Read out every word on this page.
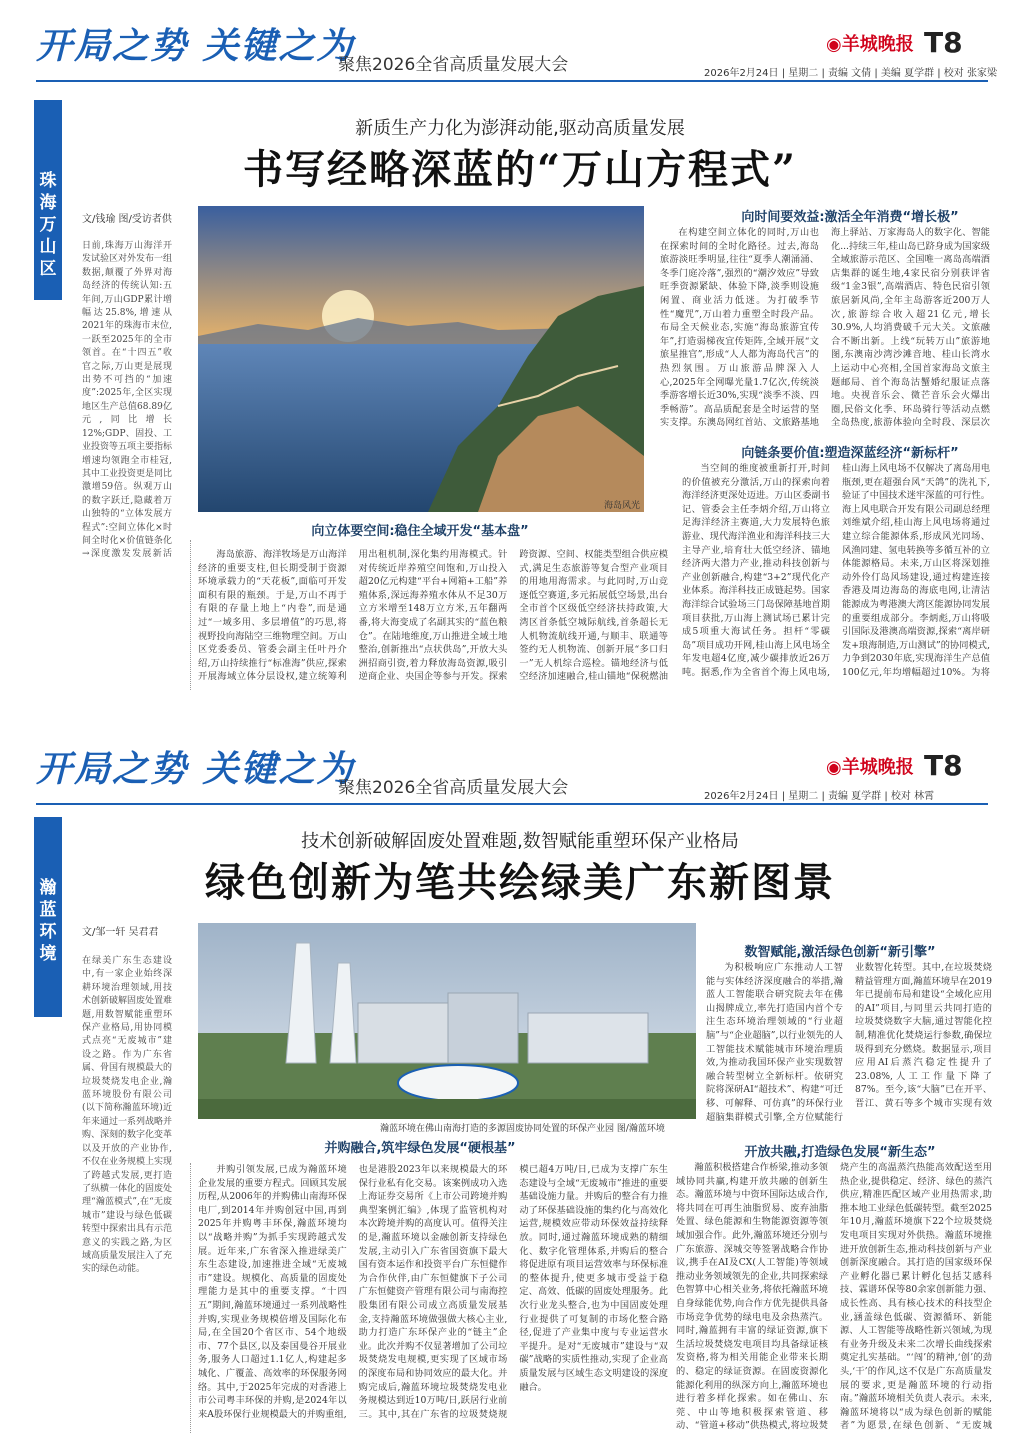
开局之势 关键之为
聚焦2026全省高质量发展大会
◉羊城晚报 T8
2026年2月24日 | 星期二 | 责编 文倩 | 美编 夏学群 | 校对 张家梁
珠海万山区
新质生产力化为澎湃动能,驱动高质量发展
书写经略深蓝的“万山方程式”
文/钱瑜 图/受访者供
日前,珠海万山海洋开发试验区对外发布一组数据,颠覆了外界对海岛经济的传统认知:五年间,万山GDP累计增幅达25.8%,增速从2021年的珠海市末位,一跃至2025年的全市领首。在“十四五”收官之际,万山更是展现出势不可挡的“加速度”:2025年,全区实现地区生产总值68.89亿元,同比增长12%;GDP、固投、工业投资等五项主要指标增速均领跑全市桂冠,其中工业投资更是同比激增59倍。纵观万山的数字跃迁,隐藏着万山独特的“立体发展方程式”:空间立体化×时间全时化×价值链条化→深度激发发展新活
海岛风光
向立体要空间:稳住全域开发“基本盘”
向时间要效益:激活全年消费“增长极”
向链条要价值:塑造深蓝经济“新标杆”
海岛旅游、海洋牧场是万山海洋经济的重要支柱,但长期受制于资源环境承载力的“天花板”,面临可开发面积有限的瓶颈。于是,万山不再于有限的存量上地上“内卷”,而是通过“一域多用、多层增值”的巧思,将视野投向海陆空三维物理空间。万山区党委委员、管委会副主任叶丹介绍,万山持续推行“标准海”供应,探索开展海域立体分层设权,建立统筹利用出租机制,深化集约用海模式。针对传统近岸养殖空间饱和,万山投入超20亿元构建“平台+网箱+工船”养殖体系,深远海养殖水体从不足30万立方米增至148万立方米,五年翻两番,将大海变成了名副其实的“蓝色粮仓”。在陆地维度,万山推进全域土地整治,创新推出“点状供岛”,开放大头洲招商引资,着力释放海岛资源,吸引逆商企业、央国企等参与开发。探索跨资源、空间、权能类型组合供应模式,满足生态旅游等复合型产业项目的用地用海需求。与此同时,万山竞逐低空赛道,多元拓展低空场景,出台全市首个区级低空经济扶持政策,大湾区首条低空城际航线,首条超长无人机物流航线开通,与顺丰、联通等签约无人机物流、创新开展“多口归一”无人机综合巡检。锚地经济与低空经济加速融合,桂山锚地“保税燃油
在构建空间立体化的同时,万山也在探索时间的全时化路径。过去,海岛旅游淡旺季明显,往往“夏季人潮涌涌、冬季门庭冷落”,强烈的“潮汐效应”导致旺季资源紧缺、体验下降,淡季则设施闲置、商业活力低迷。为打破季节性“魔咒”,万山着力重塑全时段产品。布局全天候业态,实施“海岛旅游宜传年”,打造弱梯夜宜传矩阵,全域开展“文旅星推官”,形成“人人都为海岛代言”的热烈氛围。万山旅游品牌深入人心,2025年全网曝光量1.7亿次,传统淡季游客增长近30%,实现“淡季不淡、四季畅游”。高品质配套是全时运营的坚实支撑。东澳岛网红首站、文旅路基地海上驿站、万家海岛人的数字化、智能化...持续三年,桂山岛已跻身成为国家级全域旅游示范区、全国唯一离岛高端酒店集群的诞生地,4家民宿分别获评省级“1金3银”,高端酒店、特色民宿引领旅居新风尚,全年主岛游客近200万人次,旅游综合收入超21亿元,增长30.9%,人均消费破千元大关。文旅融合不断出新。上线“玩转万山”旅游地图,东澳南沙湾沙滩音地、桂山长湾水上运动中心亮相,全国首家海岛文旅主题邮局、首个海岛沽蟹婚纪服证点落地。央视音乐会、微芒音乐会火爆出圈,民俗文化季、环岛骑行等活动点燃全岛热度,旅游体验向全时段、深层次
当空间的维度被重新打开,时间的价值被充分激活,万山的探索向着海洋经济更深处迈进。万山区委副书记、管委会主任李炳介绍,万山将立足海洋经济主赛道,大力发展特色旅游业、现代海洋渔业和海洋科技三大主导产业,培育壮大低空经济、锚地经济两大潜力产业,推动科技创新与产业创新融合,构建“3+2”现代化产业体系。海洋科技正成链起势。国家海洋综合试验场三门岛保障基地首期项目获批,万山海上测试场已累计完成5项重大海试任务。担杆“零碳岛”项目成功开网,桂山海上风电场全年发电超4亿度,减少碳排放近26万吨。据悉,作为全省首个海上风电场,桂山海上风电场不仅解决了离岛用电瓶颈,更在超强台风“天鸽”的洗礼下,验证了中国技术迷牢深蓝的可行性。海上风电联合开发有限公司副总经理刘维斌介绍,桂山海上风电场将通过建立综合能源体系,形成风光同场、风渔同建、氢电转换等多循互补的立体能源格局。未来,万山区将深划推动外伶仃岛风场建设,通过构建连接香港及周边海岛的海底电网,让清洁能源成为粤港澳大湾区能源协同发展的重要组成部分。李炳彪,万山将吸引国际及港澳高端资源,探索“离岸研发+琅海制造,万山测试”的协同模式,力争到2030年底,实现海洋生产总值100亿元,年均增幅超过10%。为将
开局之势 关键之为
聚焦2026全省高质量发展大会
◉羊城晚报 T8
2026年2月24日 | 星期二 | 责编 夏学群 | 校对 林霄
瀚蓝环境
技术创新破解固废处置难题,数智赋能重塑环保产业格局
绿色创新为笔共绘绿美广东新图景
文/邹一轩 吴君君
在绿美广东生态建设中,有一家企业始终深耕环境治理领域,用技术创新破解固废处置难题,用数智赋能重塑环保产业格局,用协同模式点亮“无废城市”建设之路。作为广东省属、骨国有规模最大的垃圾焚烧发电企业,瀚蓝环境股份有限公司(以下简称瀚蓝环境)近年来通过一系列战略并购、深刻的数字化变革以及开放的产业协作,不仅在业务规模上实现了跨越式发展,更打造了纵横一体化的固废处理“瀚蓝模式”,在“无废城市”建设与绿色低碳转型中探索出具有示范意义的实践之路,为区域高质量发展注入了充实的绿色动能。
瀚蓝环境在佛山南海打造的多源固废协同处置的环保产业园 图/瀚蓝环境
并购融合,筑牢绿色发展“硬根基”
数智赋能,激活绿色创新“新引擎”
开放共融,打造绿色发展“新生态”
并购引领发展,已成为瀚蓝环境企业发展的重要方程式。回顾其发展历程,从2006年的并购佛山南海环保电厂,到2014年并购创冠中国,再到2025年并购粤丰环保,瀚蓝环境均以“战略并购”为抓手实现跨越式发展。近年来,广东省深入推进绿美广东生态建设,加速推进全域“无废城市”建设。规模化、高质量的固废处理能力是其中的重要支撑。“十四五”期间,瀚蓝环境通过一系列战略性并购,实现业务规模倍增及国际化布局,在全国20个省区市、54个地级市、77个县区,以及泰国曼谷开展业务,服务人口超过1.1亿人,构建起多城化、广覆盖、高效率的环保服务网络。其中,于2025年完成的对香港上市公司粤丰环保的并购,是2024年以来A股环保行业规模最大的并购重组,也是港股2023年以来规模最大的环保行业私有化交易。该案例成功入选上海证券交易所《上市公司跨境并购典型案例汇编》,体现了监管机构对本次跨境并购的高度认可。值得关注的是,瀚蓝环境以金融创新支持绿色发展,主动引入广东省国资旗下最大国有资本运作和投资平台广东恒健作为合作伙伴,由广东恒健旗下子公司广东恒健资产管理有限公司与南海控股集团有限公司成立高质量发展基金,支持瀚蓝环境做强做大核心主业,助力打造广东环保产业的“链主”企业。此次并购不仅显著增加了公司垃圾焚烧发电规模,更实现了区域市场的深度布局和协同效应的最大化。并购完成后,瀚蓝环境垃圾焚烧发电业务规模达到近10万吨/日,跃居行业前三。其中,其在广东省的垃圾焚烧规模已超4万吨/日,已成为支撑广东生态建设与全域“无废城市”推进的重要基础设施力量。并购后的整合有力推动了环保基础设施的集约化与高效化运营,规模效应带动环保效益持续释放。同时,通过瀚蓝环境成熟的精细化、数字化管理体系,并购后的整合将促进原有项目运营效率与环保标准的整体提升,使更多城市受益于稳定、高效、低碳的固废处理服务。此次行业龙头整合,也为中国固废处理行业提供了可复制的市场化整合路径,促进了产业集中度与专业运营水平提升。是对“无废城市”建设与“双碳”战略的实质性推动,实现了企业高质量发展与区域生态文明建设的深度融合。
为积极响应广东推动人工智能与实体经济深度融合的举措,瀚蓝人工智能联合研究院去年在佛山揭牌成立,率先打造国内首个专注生态环境治理领域的“行业超脑”与“企业超脑”,以行业领先的人工智能技术赋能城市环境治理质效,为推动我国环保产业实现数智融合转型树立全新标杆。依研究院将深研AI“超技术”、构建“可迁移、可解释、可仿真”的环保行业超脑集群模式引擎,全方位赋能行业数智化转型。其中,在垃圾焚烧精益管理方面,瀚蓝环境早在2019年已提前布局和建设“全域化应用的AI”项目,与同里云共同打造的垃圾焚烧数字大脑,通过智能化控制,精准优化焚烧运行参数,确保垃圾得到充分燃烧。数据显示,项目应用AI后蒸汽稳定性提升了23.08%,人工工作量下降了87%。至今,该“大脑”已在开平、晋江、黄石等多个城市实现有效
瀚蓝积极搭建合作桥梁,推动多领域协同共赢,构建开放共融的创新生态。瀚蓝环境与中资环国际达成合作,将共同在可再生油脂贸易、废弃油脂处置、绿色能源和生物能源资源等领域加强合作。此外,瀚蓝环境还分别与广东旅游、深城交等签署战略合作协议,携手在AI及CX(人工智能)等领域推动业务领域领先的企业,共同探索绿色智算中心相关业务,将依托瀚蓝环境自身绿能优势,向合作方优先提供具备市场竞争优势的绿电电及余热蒸汽。同时,瀚蓝拥有丰富的绿证资源,旗下生活垃圾焚烧发电项目均具备绿证核发资格,将为相关用能企业带来长期的、稳定的绿证资源。在固废资源化能源化利用的纵深方向上,瀚蓝环境也进行着多样化探索。如在佛山、东莞、中山等地积极探索管道、移动、“管道+移动”供热模式,将垃圾焚烧产生的高温蒸汽热能高效配送至用热企业,提供稳定、经济、绿色的蒸汽供应,精准匹配区域产业用热需求,助推本地工业绿色低碳转型。截至2025年10月,瀚蓝环境旗下22个垃圾焚烧发电项目实现对外供热。瀚蓝环境推进开放创新生态,推动科技创新与产业创新深度融合。其打造的国家级环保产业孵化器已累计孵化包括艾感科技、霖谱环保等80余家创新能力强、成长性高、具有核心技术的科技型企业,涵盖绿色低碳、资源循环、新能源、人工智能等战略性新兴领域,为现有业务升级及未来二次增长曲线探索奠定扎实基础。“‘闯’的精神,‘创’的劲头,‘干’的作风,这不仅是广东高质量发展的要求,更是瀚蓝环境的行动指南。”瀚蓝环境相关负责人表示。未来,瀚蓝环境将以“成为绿色创新的赋能者”为愿景,在绿色创新、“无废城
